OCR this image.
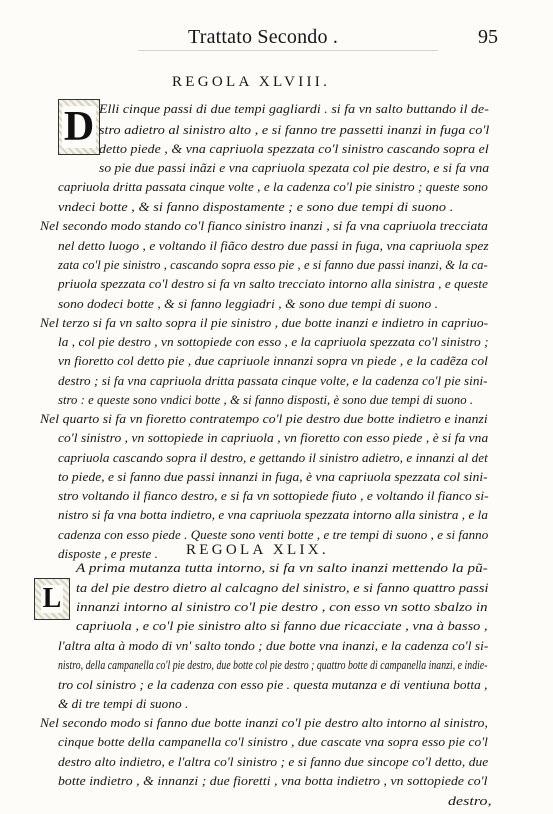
Trattato Secondo .	95
REGOLA XLVIII.
D Elli cinque passi di due tempi gagliardi . si fa vn salto buttando il de-
stro adietro al sinistro alto , e si fanno tre passetti inanzi in fuga co'l
detto piede , & vna capriuola spezzata co'l sinistro cascando sopra el
so pie due passi inãzi e vna capriuola spezata col pie destro, e si fa vna
capriuola dritta passata cinque volte , e la cadenza co'l pie sinistro ; queste sono
vndeci botte , & si fanno dispostamente ; e sono due tempi di suono .
Nel secondo modo stando co'l fianco sinistro inanzi , si fa vna capriuola trecciata
nel detto luogo , e voltando il fiãco destro due passi in fuga, vna capriuola spez
zata co'l pie sinistro , cascando sopra esso pie , e si fanno due passi inanzi, & la ca-
priuola spezzata co'l destro si fa vn salto trecciato intorno alla sinistra , e queste
sono dodeci botte , & si fanno leggiadri , & sono due tempi di suono .
Nel terzo si fa vn salto sopra il pie sinistro , due botte inanzi e indietro in capriuo-
la , col pie destro , vn sottopiede con esso , e la capriuola spezzata co'l sinistro ;
vn fioretto col detto pie , due capriuole innanzi sopra vn piede , e la cadẽza col
destro ; si fa vna capriuola dritta passata cinque volte, e la cadenza co'l pie sini-
stro : e queste sono vndici botte , & si fanno disposti, è sono due tempi di suono .
Nel quarto si fa vn fioretto contratempo co'l pie destro due botte indietro e inanzi
co'l sinistro , vn sottopiede in capriuola , vn fioretto con esso piede , è si fa vna
capriuola cascando sopra il destro, e gettando il sinistro adietro, e innanzi al det
to piede, e si fanno due passi innanzi in fuga, è vna capriuola spezzata col sini-
stro voltando il fianco destro, e si fa vn sottopiede fiuto , e voltando il fianco si-
nistro si fa vna botta indietro, e vna capriuola spezzata intorno alla sinistra , e la
cadenza con esso piede . Queste sono venti botte , e tre tempi di suono , e si fanno
disposte , e preste . REGOLA XLIX.
L
A prima mutanza tutta intorno, si fa vn salto inanzi mettendo la pũ-
ta del pie destro dietro al calcagno del sinistro, e si fanno quattro passi
innanzi intorno al sinistro co'l pie destro , con esso vn sotto sbalzo in
capriuola , e co'l pie sinistro alto si fanno due ricacciate , vna à basso ,
l'altra alta à modo di vn' salto tondo ; due botte vna inanzi, e la cadenza co'l si-
nistro, della campanella co'l pie destro, due botte col pie destro ; quattro botte di campanella inanzi, e indie-
tro col sinistro ; e la cadenza con esso pie . questa mutanza e di ventiuna botta ,
& di tre tempi di suono .
Nel secondo modo si fanno due botte inanzi co'l pie destro alto intorno al sinistro,
cinque botte della campanella co'l sinistro , due cascate vna sopra esso pie co'l
destro alto indietro, e l'altra co'l sinistro ; e si fanno due sincope co'l detto, due
botte indietro , & innanzi ; due fioretti , vna botta indietro , vn sottopiede co'l
destro,
